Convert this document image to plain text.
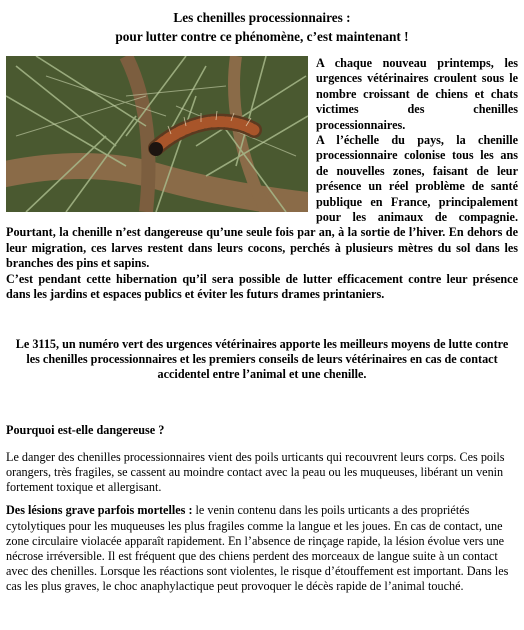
Les chenilles processionnaires :
pour lutter contre ce phénomène, c’est maintenant !

A chaque nouveau printemps, les urgences vétérinaires croulent sous le nombre croissant de chiens et chats victimes des chenilles processionnaires.

A l’échelle du pays, la chenille processionnaire colonise tous les ans de nouvelles zones, faisant de leur présence un réel problème de santé publique en France, principalement pour les animaux de compagnie. Pourtant, la chenille n’est dangereuse qu’une seule fois par an, à la sortie de l’hiver. En dehors de leur migration, ces larves restent dans leurs cocons, perchés à plusieurs mètres du sol dans les branches des pins et sapins.

C’est pendant cette hibernation qu’il sera possible de lutter efficacement contre leur présence dans les jardins et espaces publics et éviter les futurs drames printaniers.

Le 3115, un numéro vert des urgences vétérinaires apporte les meilleurs moyens de lutte contre les chenilles processionnaires et les premiers conseils de leurs vétérinaires en cas de contact accidentel entre l’animal et une chenille.
Pourquoi est-elle dangereuse ?

Le danger des chenilles processionnaires vient des poils urticants qui recouvrent leurs corps. Ces poils orangers, très fragiles, se cassent au moindre contact avec la peau ou les muqueuses, libérant un venin fortement toxique et allergisant.

Des lésions grave parfois mortelles : le venin contenu dans les poils urticants a des propriétés cytolytiques pour les muqueuses les plus fragiles comme la langue et les joues. En cas de contact, une zone circulaire violacée apparaît rapidement. En l’absence de rinçage rapide, la lésion évolue vers une nécrose irréversible. Il est fréquent que des chiens perdent des morceaux de langue suite à un contact avec des chenilles. Lorsque les réactions sont violentes, le risque d’étouffement est important. Dans les cas les plus graves, le choc anaphylactique peut provoquer le décès rapide de l’animal touché.
